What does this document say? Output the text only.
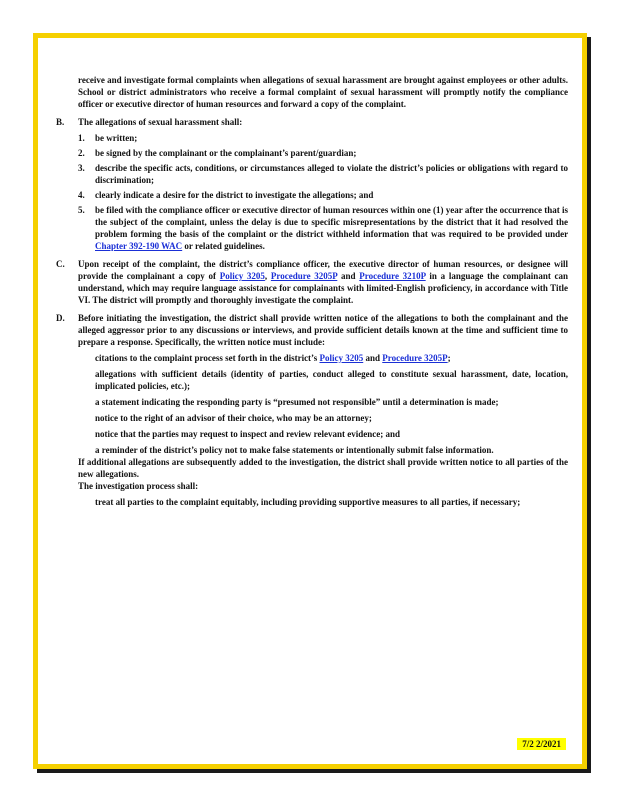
receive and investigate formal complaints when allegations of sexual harassment are brought against employees or other adults. School or district administrators who receive a formal complaint of sexual harassment will promptly notify the compliance officer or executive director of human resources and forward a copy of the complaint.

B. The allegations of sexual harassment shall:

1. be written;
2. be signed by the complainant or the complainant’s parent/guardian;
3. describe the specific acts, conditions, or circumstances alleged to violate the district’s policies or obligations with regard to discrimination;
4. clearly indicate a desire for the district to investigate the allegations; and
5. be filed with the compliance officer or executive director of human resources within one (1) year after the occurrence that is the subject of the complaint, unless the delay is due to specific misrepresentations by the district that it had resolved the problem forming the basis of the complaint or the district withheld information that was required to be provided under Chapter 392-190 WAC or related guidelines.
C. Upon receipt of the complaint, the district’s compliance officer, the executive director of human resources, or designee will provide the complainant a copy of Policy 3205, Procedure 3205P and Procedure 3210P in a language the complainant can understand, which may require language assistance for complainants with limited-English proficiency, in accordance with Title VI. The district will promptly and thoroughly investigate the complaint.

D. Before initiating the investigation, the district shall provide written notice of the allegations to both the complainant and the alleged aggressor prior to any discussions or interviews, and provide sufficient details known at the time and sufficient time to prepare a response. Specifically, the written notice must include:

citations to the complaint process set forth in the district’s Policy 3205 and Procedure 3205P;
allegations with sufficient details (identity of parties, conduct alleged to constitute sexual harassment, date, location, implicated policies, etc.);
a statement indicating the responding party is “presumed not responsible” until a determination is made;
notice to the right of an advisor of their choice, who may be an attorney;
notice that the parties may request to inspect and review relevant evidence; and
a reminder of the district’s policy not to make false statements or intentionally submit false information.

If additional allegations are subsequently added to the investigation, the district shall provide written notice to all parties of the new allegations.

The investigation process shall:

treat all parties to the complaint equitably, including providing supportive measures to all parties, if necessary;
7/2 2/2021
